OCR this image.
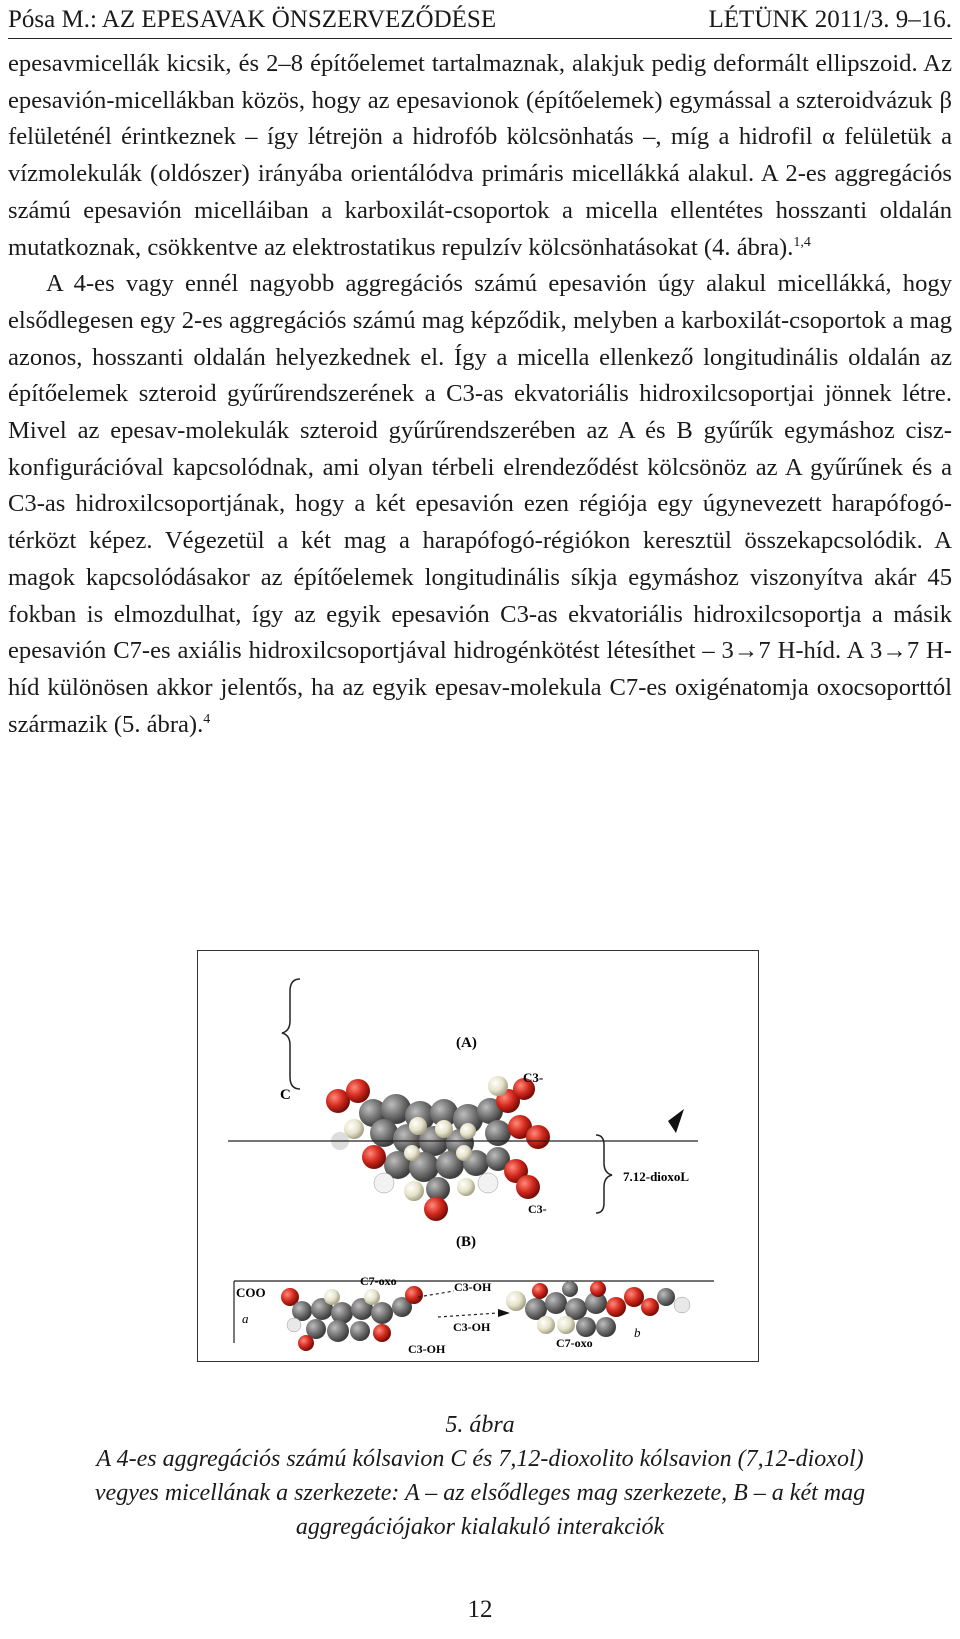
Pósa M.: AZ EPESAVAK ÖNSZERVEZŐDÉSE	LÉTÜNK 2011/3. 9–16.

epesavmicellák kicsik, és 2–8 építőelemet tartalmaznak, alakjuk pedig deformált ellipszoid. Az epesavión-micellákban közös, hogy az epesavionok (építőelemek) egymással a szteroidvázuk β felületénél érintkeznek – így létrejön a hidrofób kölcsönhatás –, míg a hidrofil α felületük a vízmolekulák (oldószer) irányába orientálódva primáris micellákká alakul. A 2-es aggregációs számú epesavión micelláiban a karboxilát-csoportok a micella ellentétes hosszanti oldalán mutatkoznak, csökkentve az elektrostatikus repulzív kölcsönhatásokat (4. ábra).$^{1,4}$

A 4-es vagy ennél nagyobb aggregációs számú epesavión úgy alakul micellákká, hogy elsődlegesen egy 2-es aggregációs számú mag képződik, melyben a karboxilát-csoportok a mag azonos, hosszanti oldalán helyezkednek el. Így a micella ellenkező longitudinális oldalán az építőelemek szteroid gyűrűrendszerének a C3-as ekvatoriális hidroxilcsoportjai jönnek létre. Mivel az epesav-molekulák szteroid gyűrűrendszerében az A és B gyűrűk egymáshoz cisz-konfigurációval kapcsolódnak, ami olyan térbeli elrendeződést kölcsönöz az A gyűrűnek és a C3-as hidroxilcsoportjának, hogy a két epesavión ezen régiója egy úgynevezett harapófogó-térközt képez. Végezetül a két mag a harapófogó-régiókon keresztül összekapcsolódik. A magok kapcsolódásakor az építőelemek longitudinális síkja egymáshoz viszonyítva akár 45 fokban is elmozdulhat, így az egyik epesavión C3-as ekvatoriális hidroxilcsoportja a másik epesavión C7-es axiális hidroxilcsoportjával hidrogénkötést létesíthet – 3→7 H-híd. A 3→7 H-híd különösen akkor jelentős, ha az egyik epesav-molekula C7-es oxigénatomja oxocsoporttól származik (5. ábra).$^4$

(A)
C
C3-
7.12-dioxoL
C3-
(B)
COO
a
C7-oxo	C3-OH
C3-OH
C3-OH	C7-oxo
b
5. ábra
A 4-es aggregációs számú kólsavion C és 7,12-dioxolito kólsavion (7,12-dioxol)
vegyes micellának a szerkezete: A – az elsődleges mag szerkezete, B – a két mag
aggregációjakor kialakuló interakciók
12
